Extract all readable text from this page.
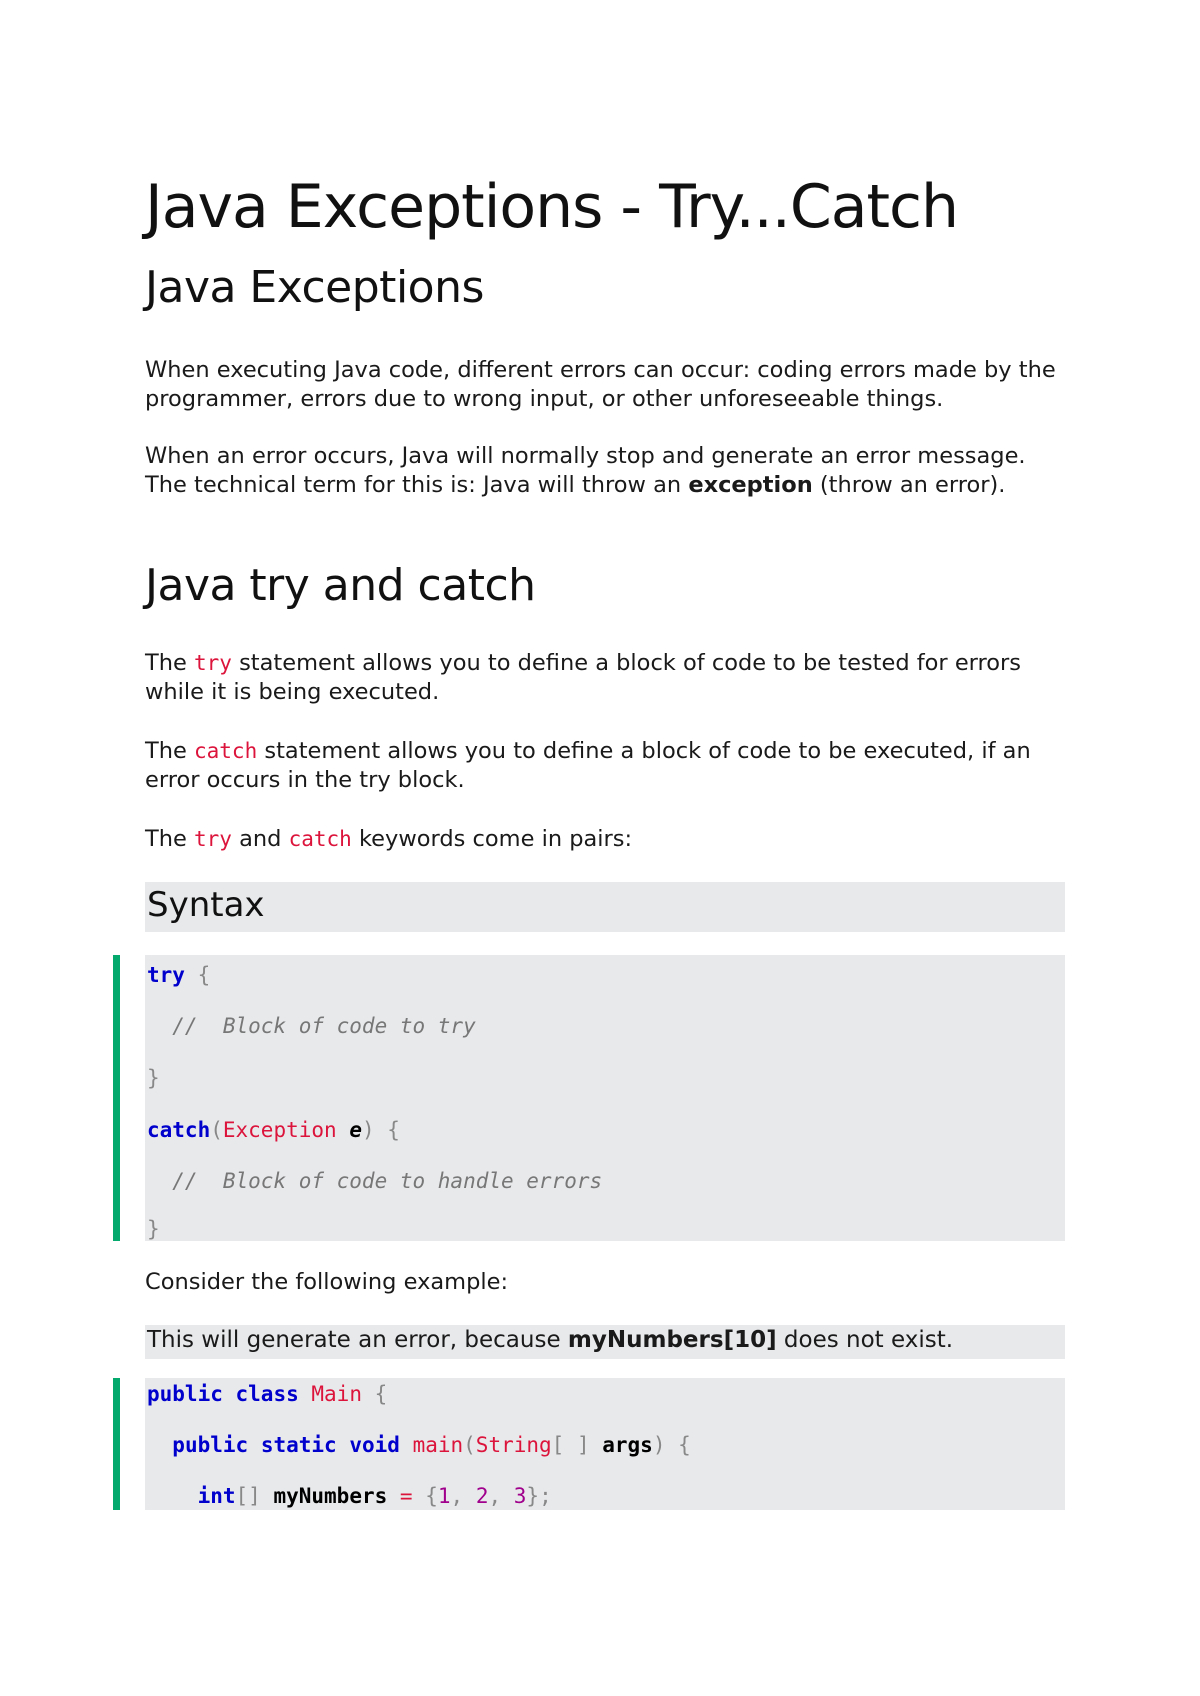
Java Exceptions - Try...Catch
Java Exceptions

When executing Java code, different errors can occur: coding errors made by the programmer, errors due to wrong input, or other unforeseeable things.

When an error occurs, Java will normally stop and generate an error message. The technical term for this is: Java will throw an exception (throw an error).

Java try and catch

The try statement allows you to define a block of code to be tested for errors while it is being executed.

The catch statement allows you to define a block of code to be executed, if an error occurs in the try block.

The try and catch keywords come in pairs:

Syntax
try {
//  Block of code to try
}
catch(Exception e) {
//  Block of code to handle errors
}

Consider the following example:

This will generate an error, because myNumbers[10] does not exist.
public class Main {
public static void main(String[ ] args) {
int[] myNumbers = {1, 2, 3};
